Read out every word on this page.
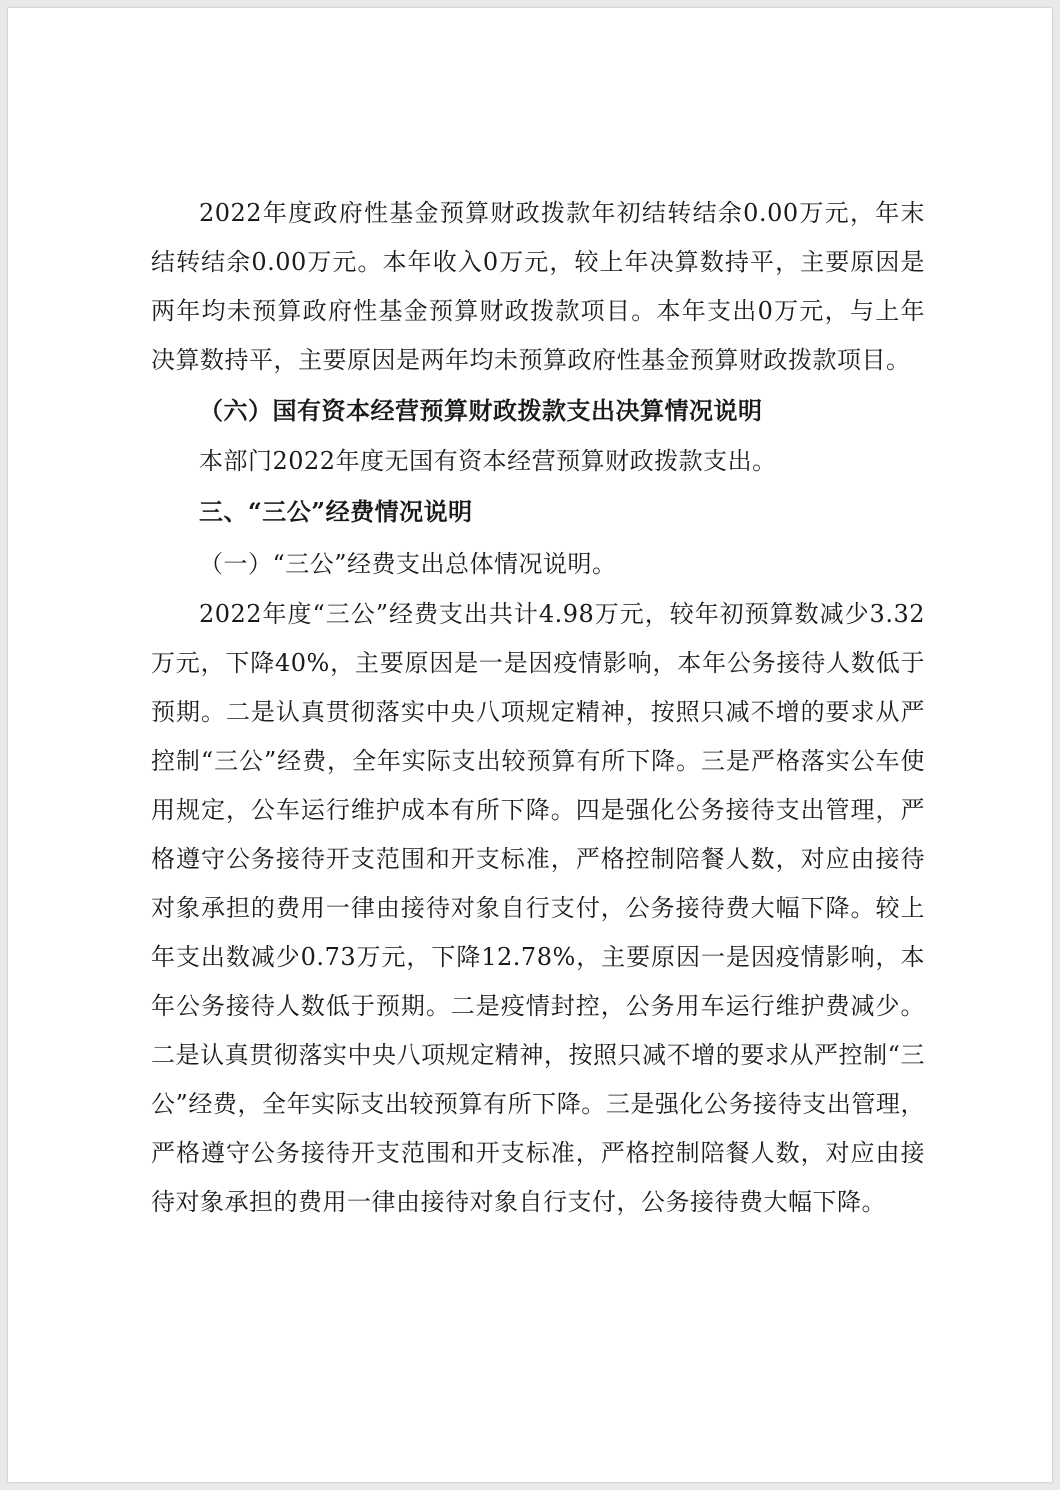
2022年度政府性基金预算财政拨款年初结转结余0.00万元，年末结转结余0.00万元。本年收入0万元，较上年决算数持平，主要原因是两年均未预算政府性基金预算财政拨款项目。本年支出0万元，与上年决算数持平，主要原因是两年均未预算政府性基金预算财政拨款项目。

（六）国有资本经营预算财政拨款支出决算情况说明

本部门2022年度无国有资本经营预算财政拨款支出。

三、“三公”经费情况说明

（一）“三公”经费支出总体情况说明。

2022年度“三公”经费支出共计4.98万元，较年初预算数减少3.32万元，下降40%，主要原因是一是因疫情影响，本年公务接待人数低于预期。二是认真贯彻落实中央八项规定精神，按照只减不增的要求从严控制“三公”经费，全年实际支出较预算有所下降。三是严格落实公车使用规定，公车运行维护成本有所下降。四是强化公务接待支出管理，严格遵守公务接待开支范围和开支标准，严格控制陪餐人数，对应由接待对象承担的费用一律由接待对象自行支付，公务接待费大幅下降。较上年支出数减少0.73万元，下降12.78%，主要原因一是因疫情影响，本年公务接待人数低于预期。二是疫情封控，公务用车运行维护费减少。二是认真贯彻落实中央八项规定精神，按照只减不增的要求从严控制“三公”经费，全年实际支出较预算有所下降。三是强化公务接待支出管理，严格遵守公务接待开支范围和开支标准，严格控制陪餐人数，对应由接待对象承担的费用一律由接待对象自行支付，公务接待费大幅下降。
